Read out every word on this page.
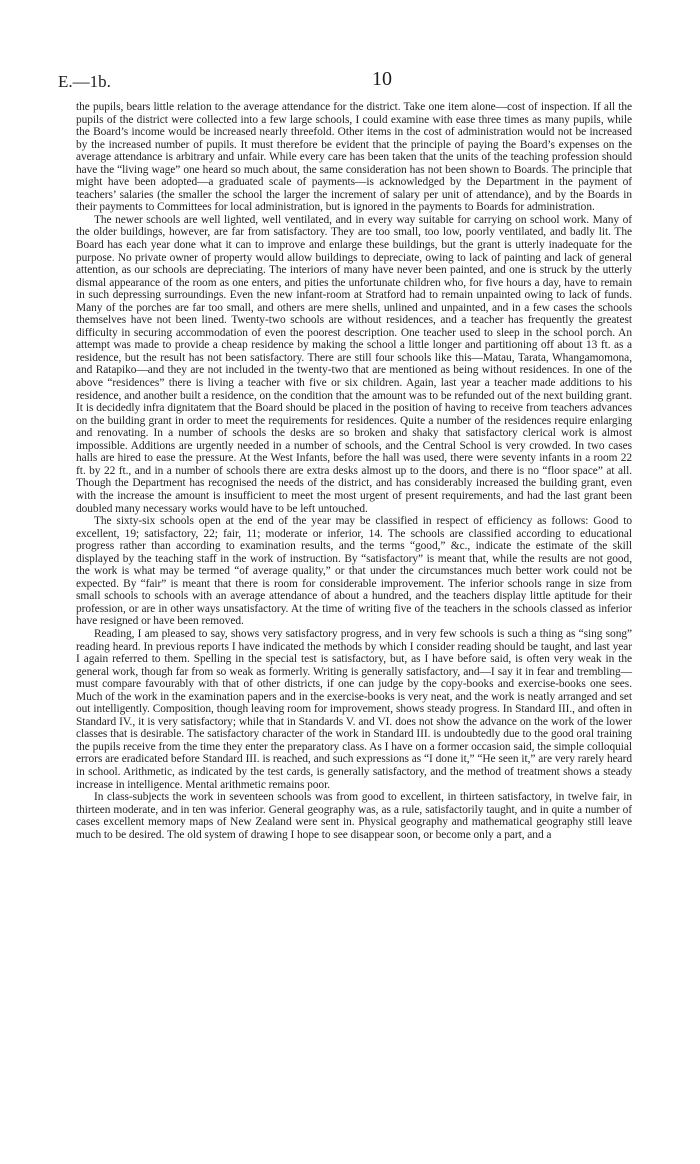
E.—1b.	10

the pupils, bears little relation to the average attendance for the district. Take one item alone—cost of inspection. If all the pupils of the district were collected into a few large schools, I could examine with ease three times as many pupils, while the Board’s income would be increased nearly threefold. Other items in the cost of administration would not be increased by the increased number of pupils. It must therefore be evident that the principle of paying the Board’s expenses on the average attendance is arbitrary and unfair. While every care has been taken that the units of the teaching profession should have the “living wage” one heard so much about, the same consideration has not been shown to Boards. The principle that might have been adopted—a graduated scale of payments—is acknowledged by the Department in the payment of teachers’ salaries (the smaller the school the larger the increment of salary per unit of attendance), and by the Boards in their payments to Committees for local administration, but is ignored in the payments to Boards for administration.

The newer schools are well lighted, well ventilated, and in every way suitable for carrying on school work. Many of the older buildings, however, are far from satisfactory. They are too small, too low, poorly ventilated, and badly lit. The Board has each year done what it can to improve and enlarge these buildings, but the grant is utterly inadequate for the purpose. No private owner of property would allow buildings to depreciate, owing to lack of painting and lack of general attention, as our schools are depreciating. The interiors of many have never been painted, and one is struck by the utterly dismal appearance of the room as one enters, and pities the unfortunate children who, for five hours a day, have to remain in such depressing surroundings. Even the new infant-room at Stratford had to remain unpainted owing to lack of funds. Many of the porches are far too small, and others are mere shells, unlined and unpainted, and in a few cases the schools themselves have not been lined. Twenty-two schools are without residences, and a teacher has frequently the greatest difficulty in securing accommodation of even the poorest description. One teacher used to sleep in the school porch. An attempt was made to provide a cheap residence by making the school a little longer and partitioning off about 13 ft. as a residence, but the result has not been satisfactory. There are still four schools like this—Matau, Tarata, Whangamomona, and Ratapiko—and they are not included in the twenty-two that are mentioned as being without residences. In one of the above “residences” there is living a teacher with five or six children. Again, last year a teacher made additions to his residence, and another built a residence, on the condition that the amount was to be refunded out of the next building grant. It is decidedly infra dignitatem that the Board should be placed in the position of having to receive from teachers advances on the building grant in order to meet the requirements for residences. Quite a number of the residences require enlarging and renovating. In a number of schools the desks are so broken and shaky that satisfactory clerical work is almost impossible. Additions are urgently needed in a number of schools, and the Central School is very crowded. In two cases halls are hired to ease the pressure. At the West Infants, before the hall was used, there were seventy infants in a room 22 ft. by 22 ft., and in a number of schools there are extra desks almost up to the doors, and there is no “floor space” at all. Though the Department has recognised the needs of the district, and has considerably increased the building grant, even with the increase the amount is insufficient to meet the most urgent of present requirements, and had the last grant been doubled many necessary works would have to be left untouched.

The sixty-six schools open at the end of the year may be classified in respect of efficiency as follows: Good to excellent, 19; satisfactory, 22; fair, 11; moderate or inferior, 14. The schools are classified according to educational progress rather than according to examination results, and the terms “good,” &c., indicate the estimate of the skill displayed by the teaching staff in the work of instruction. By “satisfactory” is meant that, while the results are not good, the work is what may be termed “of average quality,” or that under the circumstances much better work could not be expected. By “fair” is meant that there is room for considerable improvement. The inferior schools range in size from small schools to schools with an average attendance of about a hundred, and the teachers display little aptitude for their profession, or are in other ways unsatisfactory. At the time of writing five of the teachers in the schools classed as inferior have resigned or have been removed.

Reading, I am pleased to say, shows very satisfactory progress, and in very few schools is such a thing as “sing song” reading heard. In previous reports I have indicated the methods by which I consider reading should be taught, and last year I again referred to them. Spelling in the special test is satisfactory, but, as I have before said, is often very weak in the general work, though far from so weak as formerly. Writing is generally satisfactory, and—I say it in fear and trembling—must compare favourably with that of other districts, if one can judge by the copy-books and exercise-books one sees. Much of the work in the examination papers and in the exercise-books is very neat, and the work is neatly arranged and set out intelligently. Composition, though leaving room for improvement, shows steady progress. In Standard III., and often in Standard IV., it is very satisfactory; while that in Standards V. and VI. does not show the advance on the work of the lower classes that is desirable. The satisfactory character of the work in Standard III. is undoubtedly due to the good oral training the pupils receive from the time they enter the preparatory class. As I have on a former occasion said, the simple colloquial errors are eradicated before Standard III. is reached, and such expressions as “I done it,” “He seen it,” are very rarely heard in school. Arithmetic, as indicated by the test cards, is generally satisfactory, and the method of treatment shows a steady increase in intelligence. Mental arithmetic remains poor.

In class-subjects the work in seventeen schools was from good to excellent, in thirteen satisfactory, in twelve fair, in thirteen moderate, and in ten was inferior. General geography was, as a rule, satisfactorily taught, and in quite a number of cases excellent memory maps of New Zealand were sent in. Physical geography and mathematical geography still leave much to be desired. The old system of drawing I hope to see disappear soon, or become only a part, and a
